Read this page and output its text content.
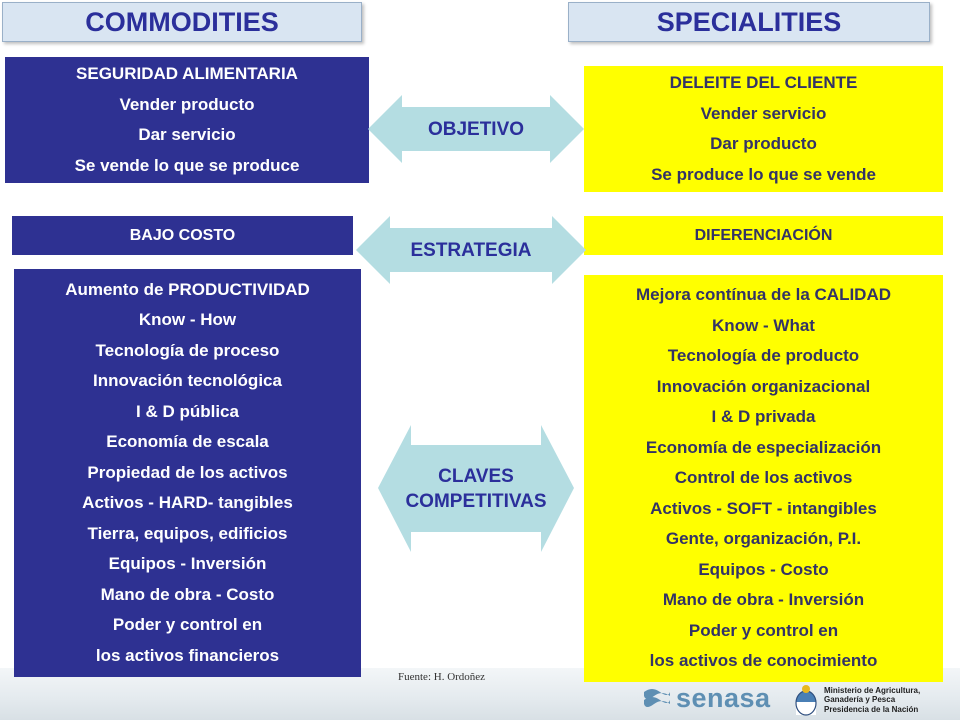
COMMODITIES	SPECIALITIES
SEGURIDAD ALIMENTARIA
Vender producto
Dar servicio
Se vende lo que se produce
BAJO COSTO
Aumento de PRODUCTIVIDAD
Know - How
Tecnología de proceso
Innovación tecnológica
I & D pública
Economía de escala
Propiedad de los activos
Activos - HARD- tangibles
Tierra, equipos, edificios
Equipos - Inversión
Mano de obra - Costo
Poder y control en
los activos financieros
DELEITE DEL CLIENTE
Vender servicio
Dar producto
Se produce lo que se vende
DIFERENCIACIÓN
Mejora contínua de la CALIDAD
Know - What
Tecnología de producto
Innovación organizacional
I & D privada
Economía de especialización
Control de los activos
Activos - SOFT - intangibles
Gente, organización, P.I.
Equipos - Costo
Mano de obra - Inversión
Poder y control en
los activos de conocimiento
OBJETIVO
ESTRATEGIA
CLAVES
COMPETITIVAS
Fuente: H. Ordoñez
senasa	Ministerio de Agricultura,
Ganadería y Pesca
Presidencia de la Nación
